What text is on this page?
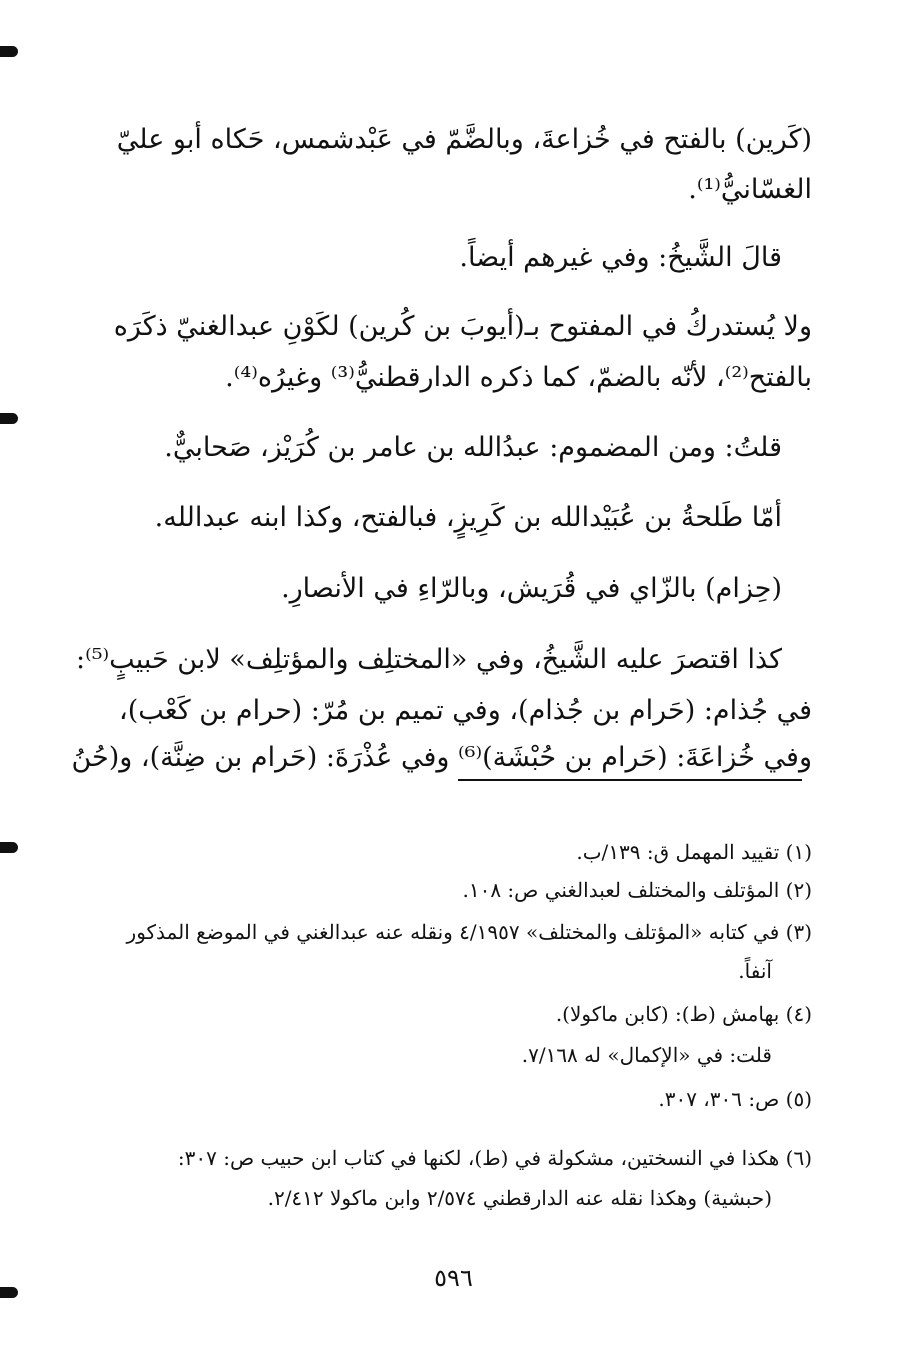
(كَرين) بالفتح في خُزاعةَ، وبالضَّمّ في عَبْدشمس، حَكاه أبو عليّ
الغسّانيُّ⁽¹⁾.
قالَ الشَّيخُ: وفي غيرهم أيضاً.
ولا يُستدركُ في المفتوح بـ(أيوبَ بن كُرين) لكَوْنِ عبدالغنيّ ذكَرَه
بالفتح⁽²⁾، لأنّه بالضمّ، كما ذكره الدارقطنيُّ⁽³⁾ وغيرُه⁽⁴⁾.
قلتُ: ومن المضموم: عبدُالله بن عامر بن كُرَيْز، صَحابيٌّ.
أمّا طَلحةُ بن عُبَيْدالله بن كَرِيزٍ، فبالفتح، وكذا ابنه عبدالله.
(حِزام) بالزّاي في قُرَيش، وبالرّاءِ في الأنصارِ.
كذا اقتصرَ عليه الشَّيخُ، وفي «المختلِف والمؤتلِف» لابن حَبيبٍ⁽⁵⁾:
في جُذام: (حَرام بن جُذام)، وفي تميم بن مُرّ: (حرام بن كَعْب)،
وفي خُزاعَةَ: (حَرام بن حُبْشَة)⁽⁶⁾ وفي عُذْرَةَ: (حَرام بن ضِنَّة)، و(حُنُ
(١) تقييد المهمل ق: ١٣٩/ب.
(٢) المؤتلف والمختلف لعبدالغني ص: ١٠٨.
(٣) في كتابه «المؤتلف والمختلف» ٤/١٩٥٧ ونقله عنه عبدالغني في الموضع المذكور
آنفاً.
(٤) بهامش (ط): (كابن ماكولا).
قلت: في «الإكمال» له ٧/١٦٨.
(٥) ص: ٣٠٦، ٣٠٧.
(٦) هكذا في النسختين، مشكولة في (ط)، لكنها في كتاب ابن حبيب ص: ٣٠٧:
(حبشية) وهكذا نقله عنه الدارقطني ٢/٥٧٤ وابن ماكولا ٢/٤١٢.
٥٩٦
